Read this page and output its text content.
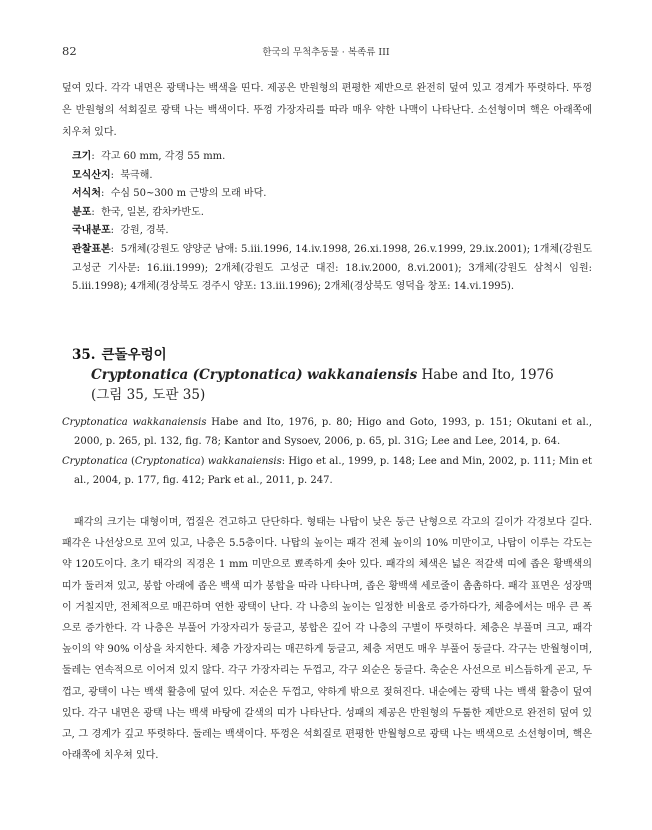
82	한국의 무척추동물 · 복족류 III

덮여 있다. 각각 내면은 광택나는 백색을 띤다. 제공은 반원형의 편평한 제반으로 완전히 덮여 있고 경계가 뚜렷하다. 뚜껑은 반원형의 석회질로 광택 나는 백색이다. 뚜껑 가장자리를 따라 매우 약한 나맥이 나타난다. 소선형이며 핵은 아래쪽에 치우쳐 있다.

크기:  각고 60 mm, 각경 55 mm.
모식산지:  북극해.
서식처:  수심 50~300 m 근방의 모래 바닥.
분포:  한국, 일본, 캄차카반도.
국내분포:  강원, 경북.
관찰표본:  5개체(강원도 양양군 남애: 5.iii.1996, 14.iv.1998, 26.xi.1998, 26.v.1999, 29.ix.2001); 1개체(강원도 고성군 기사문: 16.iii.1999); 2개체(강원도 고성군 대진: 18.iv.2000, 8.vi.2001); 3개체(강원도 삼척시 임원: 5.iii.1998); 4개체(경상북도 경주시 양포: 13.iii.1996); 2개체(경상북도 영덕읍 창포: 14.vi.1995).
35. 큰돌우렁이
Cryptonatica (Cryptonatica) wakkanaiensis Habe and Ito, 1976
(그림 35, 도판 35)
Cryptonatica wakkanaiensis Habe and Ito, 1976, p. 80; Higo and Goto, 1993, p. 151; Okutani et al., 2000, p. 265, pl. 132, fig. 78; Kantor and Sysoev, 2006, p. 65, pl. 31G; Lee and Lee, 2014, p. 64.
Cryptonatica (Cryptonatica) wakkanaiensis: Higo et al., 1999, p. 148; Lee and Min, 2002, p. 111; Min et al., 2004, p. 177, fig. 412; Park et al., 2011, p. 247.

패각의 크기는 대형이며, 껍질은 견고하고 단단하다. 형태는 나탑이 낮은 둥근 난형으로 각고의 길이가 각경보다 길다. 패각은 나선상으로 꼬여 있고, 나층은 5.5층이다. 나탑의 높이는 패각 전체 높이의 10% 미만이고, 나탑이 이루는 각도는 약 120도이다. 초기 태각의 직경은 1 mm 미만으로 뾰족하게 솟아 있다. 패각의 체색은 넓은 적갈색 띠에 좁은 황백색의 띠가 둘러져 있고, 봉합 아래에 좁은 백색 띠가 봉합을 따라 나타나며, 좁은 황백색 세로줄이 촘촘하다. 패각 표면은 성장맥이 거칠지만, 전체적으로 매끈하며 연한 광택이 난다. 각 나층의 높이는 일정한 비율로 증가하다가, 체층에서는 매우 큰 폭으로 증가한다. 각 나층은 부풀어 가장자리가 둥글고, 봉합은 깊어 각 나층의 구별이 뚜렷하다. 체층은 부풀며 크고, 패각 높이의 약 90% 이상을 차지한다. 체층 가장자리는 매끈하게 둥글고, 체층 저면도 매우 부풀어 둥글다. 각구는 반월형이며, 둘레는 연속적으로 이어져 있지 않다. 각구 가장자리는 두껍고, 각구 외순은 둥글다. 축순은 사선으로 비스듬하게 곧고, 두껍고, 광택이 나는 백색 활층에 덮여 있다. 저순은 두껍고, 약하게 밖으로 젖혀진다. 내순에는 광택 나는 백색 활층이 덮여 있다. 각구 내면은 광택 나는 백색 바탕에 갈색의 띠가 나타난다. 성패의 제공은 반원형의 두툼한 제반으로 완전히 덮여 있고, 그 경계가 깊고 뚜렷하다. 둘레는 백색이다. 뚜껑은 석회질로 편평한 반월형으로 광택 나는 백색으로 소선형이며, 핵은 아래쪽에 치우쳐 있다.
